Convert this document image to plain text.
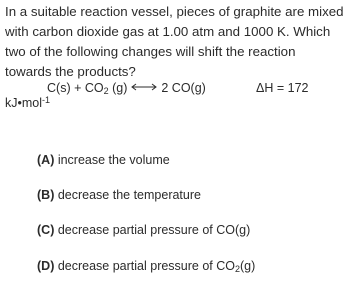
In a suitable reaction vessel, pieces of graphite are mixed with carbon dioxide gas at 1.00 atm and 1000 K. Which two of the following changes will shift the reaction towards the products?
$C(s) + CO_2$ (g)	2 CO(g)	ΔH = 172
kJ•mol$^{-1}$
(A) increase the volume
(B) decrease the temperature
(C) decrease partial pressure of CO(g)
(D) decrease partial pressure of $CO_2(g)$
